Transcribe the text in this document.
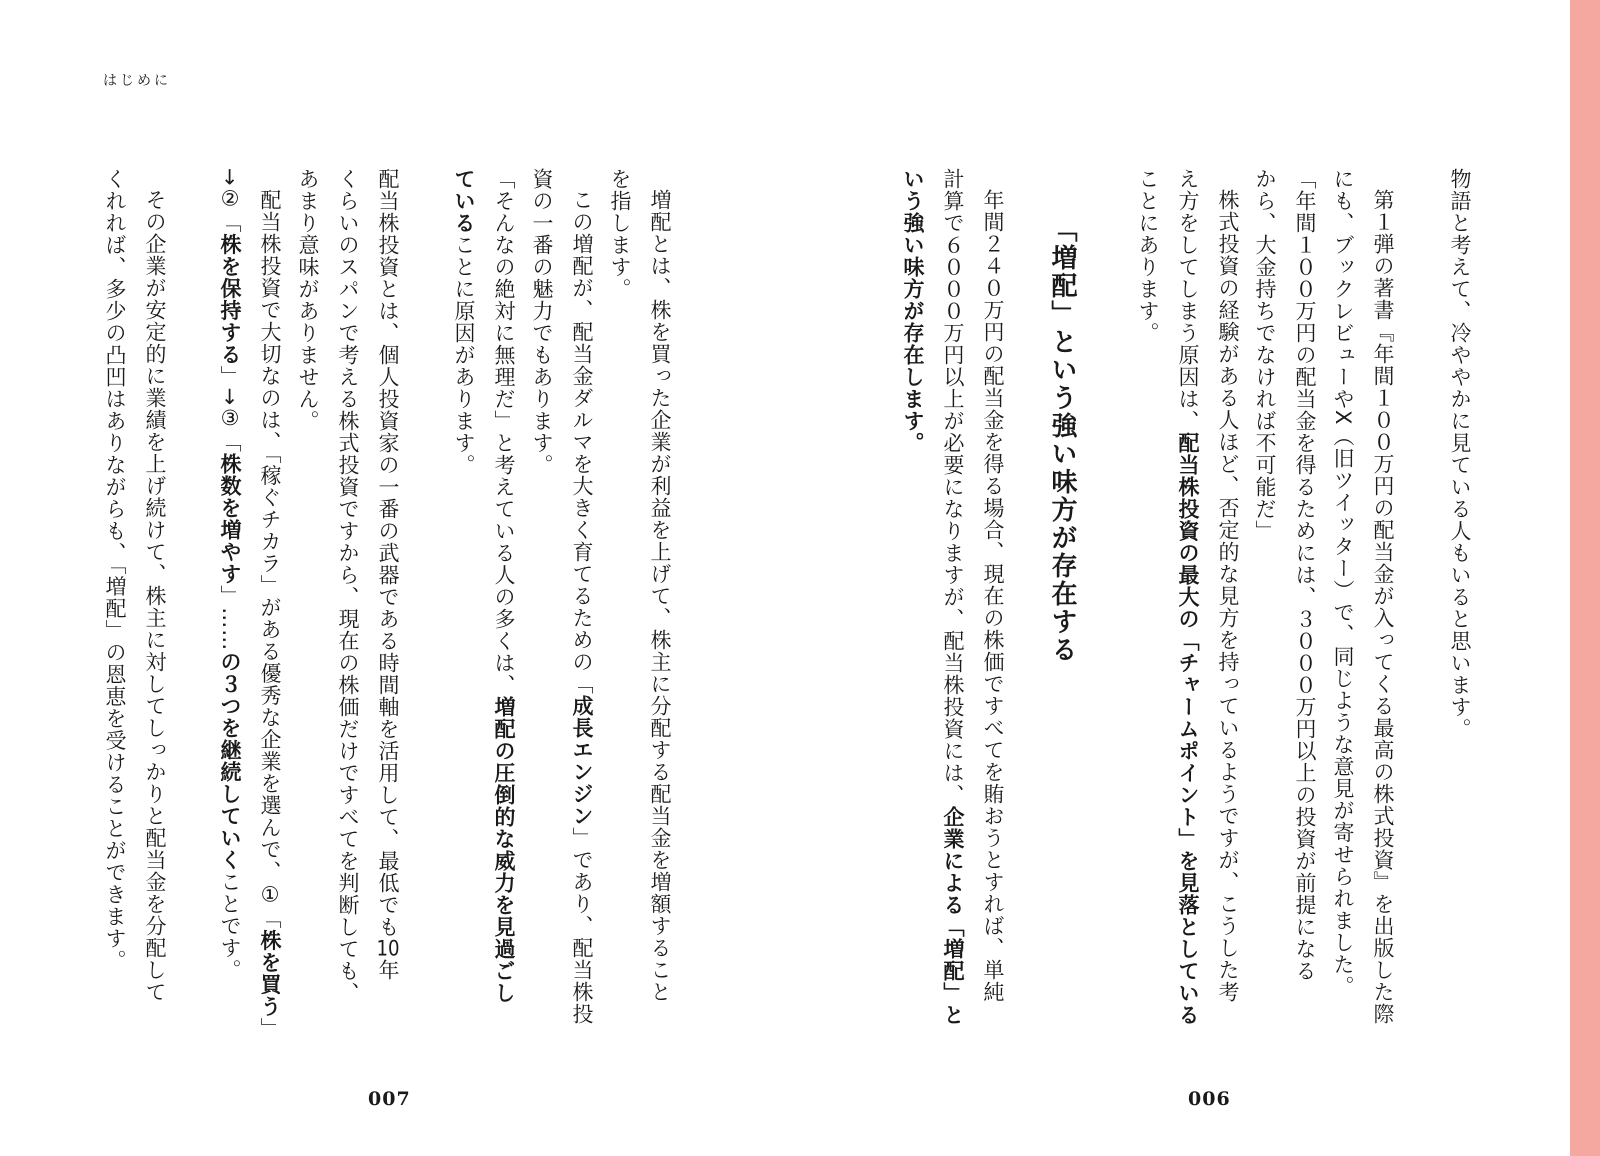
はじめに
物語と考えて、冷ややかに見ている人もいると思います。
第１弾の著書『年間１００万円の配当金が入ってくる最高の株式投資』を出版した際
にも、ブックレビューやX（旧ツイッター）で、同じような意見が寄せられました。
「年間１００万円の配当金を得るためには、３０００万円以上の投資が前提になる
から、大金持ちでなければ不可能だ」
株式投資の経験がある人ほど、否定的な見方を持っているようですが、こうした考
え方をしてしまう原因は、配当株投資の最大の「チャームポイント」を見落としている
ことにあります。
「増配」という強い味方が存在する
年間２４０万円の配当金を得る場合、現在の株価ですべてを賄おうとすれば、単純
計算で６０００万円以上が必要になりますが、配当株投資には、企業による「増配」と
いう強い味方が存在します。
増配とは、株を買った企業が利益を上げて、株主に分配する配当金を増額すること
を指します。
この増配が、配当金ダルマを大きく育てるための「成長エンジン」であり、配当株投
資の一番の魅力でもあります。
「そんなの絶対に無理だ」と考えている人の多くは、増配の圧倒的な威力を見過ごし
ていることに原因があります。
配当株投資とは、個人投資家の一番の武器である時間軸を活用して、最低でも10年
くらいのスパンで考える株式投資ですから、現在の株価だけですべてを判断しても、
あまり意味がありません。
配当株投資で大切なのは、「稼ぐチカラ」がある優秀な企業を選んで、①「株を買う」
→②「株を保持する」→③「株数を増やす」……の３つを継続していくことです。
その企業が安定的に業績を上げ続けて、株主に対してしっかりと配当金を分配して
くれれば、多少の凸凹はありながらも、「増配」の恩恵を受けることができます。
007	006
